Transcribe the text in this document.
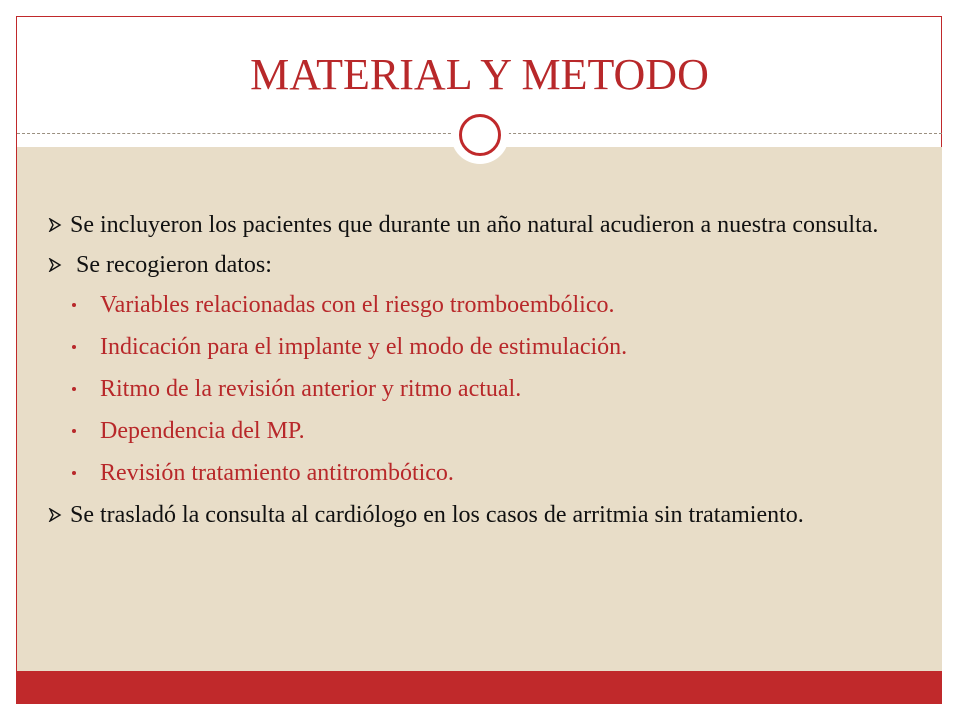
MATERIAL Y METODO
Se incluyeron los pacientes que durante un año natural acudieron a nuestra consulta.
Se recogieron datos:
Variables relacionadas con el riesgo tromboembólico.
Indicación para el implante y el modo de estimulación.
Ritmo de la revisión anterior y ritmo actual.
Dependencia del MP.
Revisión tratamiento antitrombótico.
Se trasladó la consulta al cardiólogo en los casos de arritmia sin tratamiento.
